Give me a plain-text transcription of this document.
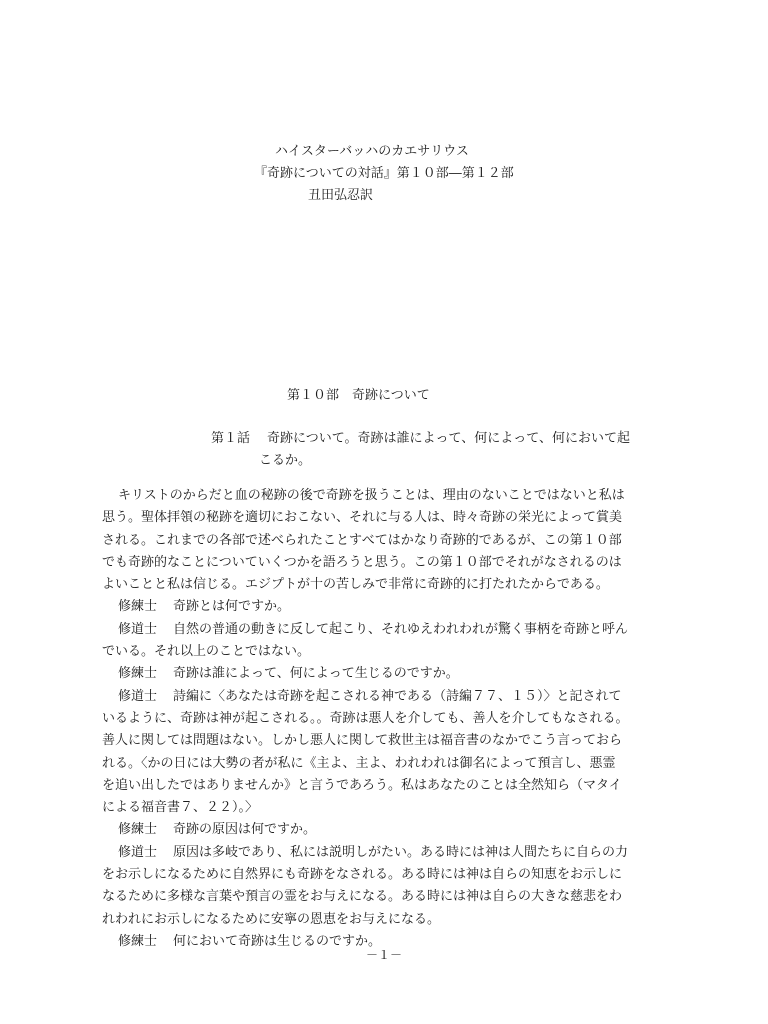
ハイスターバッハのカエサリウス
『奇跡についての対話』第１０部―第１２部
丑田弘忍訳
第１０部　奇跡について
第１話 奇跡について。奇跡は誰によって、何によって、何において起
こるか。
キリストのからだと血の秘跡の後で奇跡を扱うことは、理由のないことではないと私は
思う。聖体拝領の秘跡を適切におこない、それに与る人は、時々奇跡の栄光によって賞美
される。これまでの各部で述べられたことすべてはかなり奇跡的であるが、この第１０部
でも奇跡的なことについていくつかを語ろうと思う。この第１０部でそれがなされるのは
よいことと私は信じる。エジプトが十の苦しみで非常に奇跡的に打たれたからである。
修練士 奇跡とは何ですか。
修道士 自然の普通の動きに反して起こり、それゆえわれわれが驚く事柄を奇跡と呼ん
でいる。それ以上のことではない。
修練士 奇跡は誰によって、何によって生じるのですか。
修道士 詩編に〈あなたは奇跡を起こされる神である（詩編７７、１５）〉と記されて
いるように、奇跡は神が起こされる。。奇跡は悪人を介しても、善人を介してもなされる。
善人に関しては問題はない。しかし悪人に関して救世主は福音書のなかでこう言っておら
れる。〈かの日には大勢の者が私に《主よ、主よ、われわれは御名によって預言し、悪霊
を追い出したではありませんか》と言うであろう。私はあなたのことは全然知ら（マタイ
による福音書７、２２）。〉
修練士 奇跡の原因は何ですか。
修道士 原因は多岐であり、私には説明しがたい。ある時には神は人間たちに自らの力
をお示しになるために自然界にも奇跡をなされる。ある時には神は自らの知恵をお示しに
なるために多様な言葉や預言の霊をお与えになる。ある時には神は自らの大きな慈悲をわ
れわれにお示しになるために安寧の恩恵をお与えになる。
修練士 何において奇跡は生じるのですか。
－１－
